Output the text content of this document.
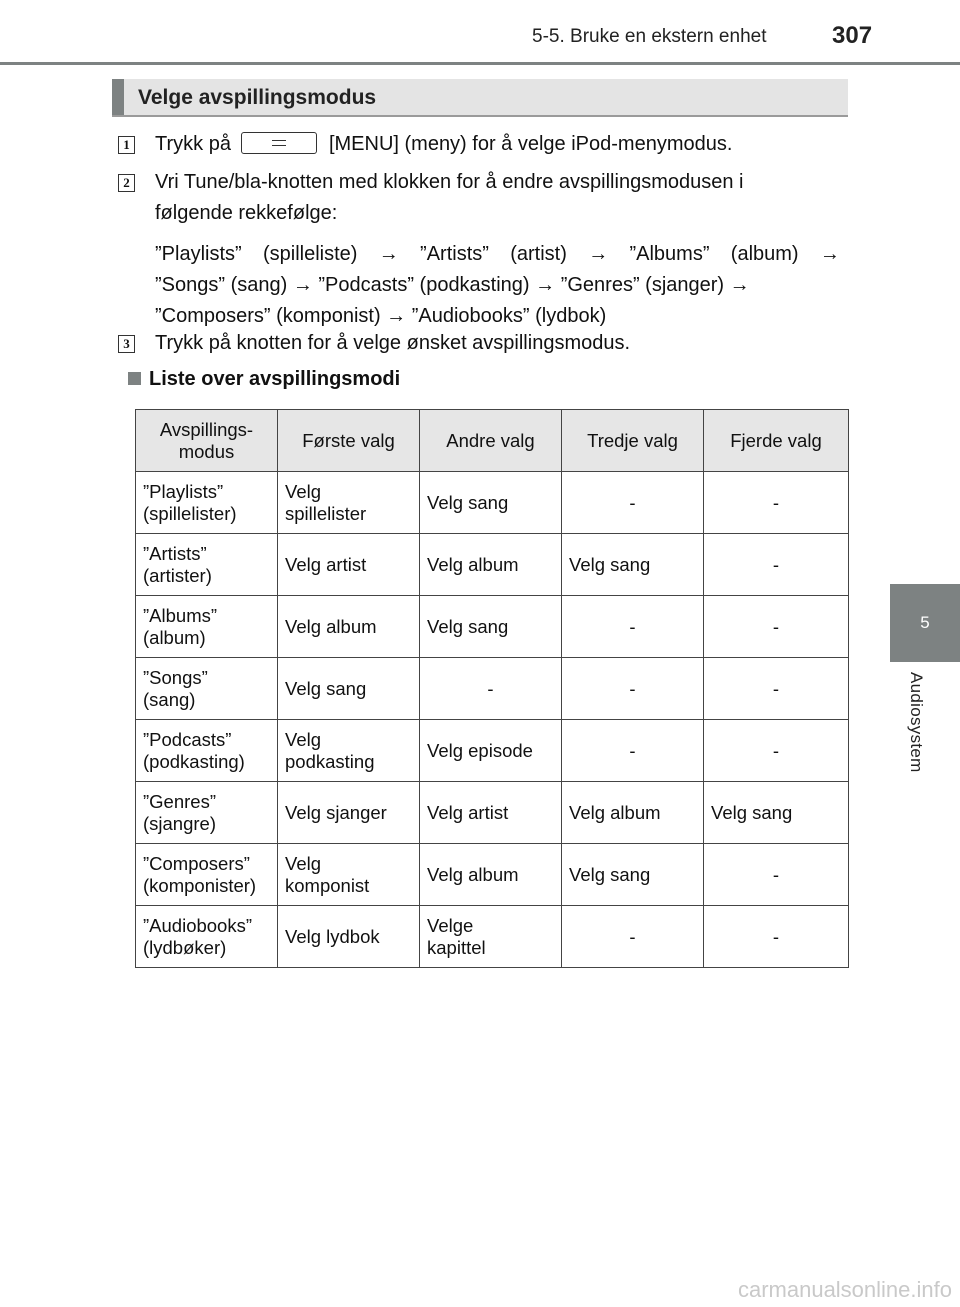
5-5. Bruke en ekstern enhet	307
5
Audiosystem
Velge avspillingsmodus
1 Trykk på	[MENU] (meny) for å velge iPod-menymodus.
2 Vri Tune/bla-knotten med klokken for å endre avspillingsmodusen i
følgende rekkefølge:
”Playlists” (spilleliste) → ”Artists” (artist) → ”Albums” (album) →
”Songs” (sang) → ”Podcasts” (podkasting) → ”Genres” (sjanger) →
”Composers” (komponist) → ”Audiobooks” (lydbok)
3 Trykk på knotten for å velge ønsket avspillingsmodus.
Liste over avspillingsmodi
Avspillings-
modus	Første valg	Andre valg	Tredje valg	Fjerde valg
”Playlists”
(spillelister)	Velg
spillelister	Velg sang	-	-
”Artists”
(artister)	Velg artist	Velg album	Velg sang	-
”Albums”
(album)	Velg album	Velg sang	-	-
”Songs”
(sang)	Velg sang	-	-	-
”Podcasts”
(podkasting)	Velg
podkasting	Velg episode	-	-
”Genres”
(sjangre)	Velg sjanger	Velg artist	Velg album	Velg sang
”Composers”
(komponister)	Velg
komponist	Velg album	Velg sang	-
”Audiobooks”
(lydbøker)	Velg lydbok	Velge
kapittel	-	-
carmanualsonline.info
